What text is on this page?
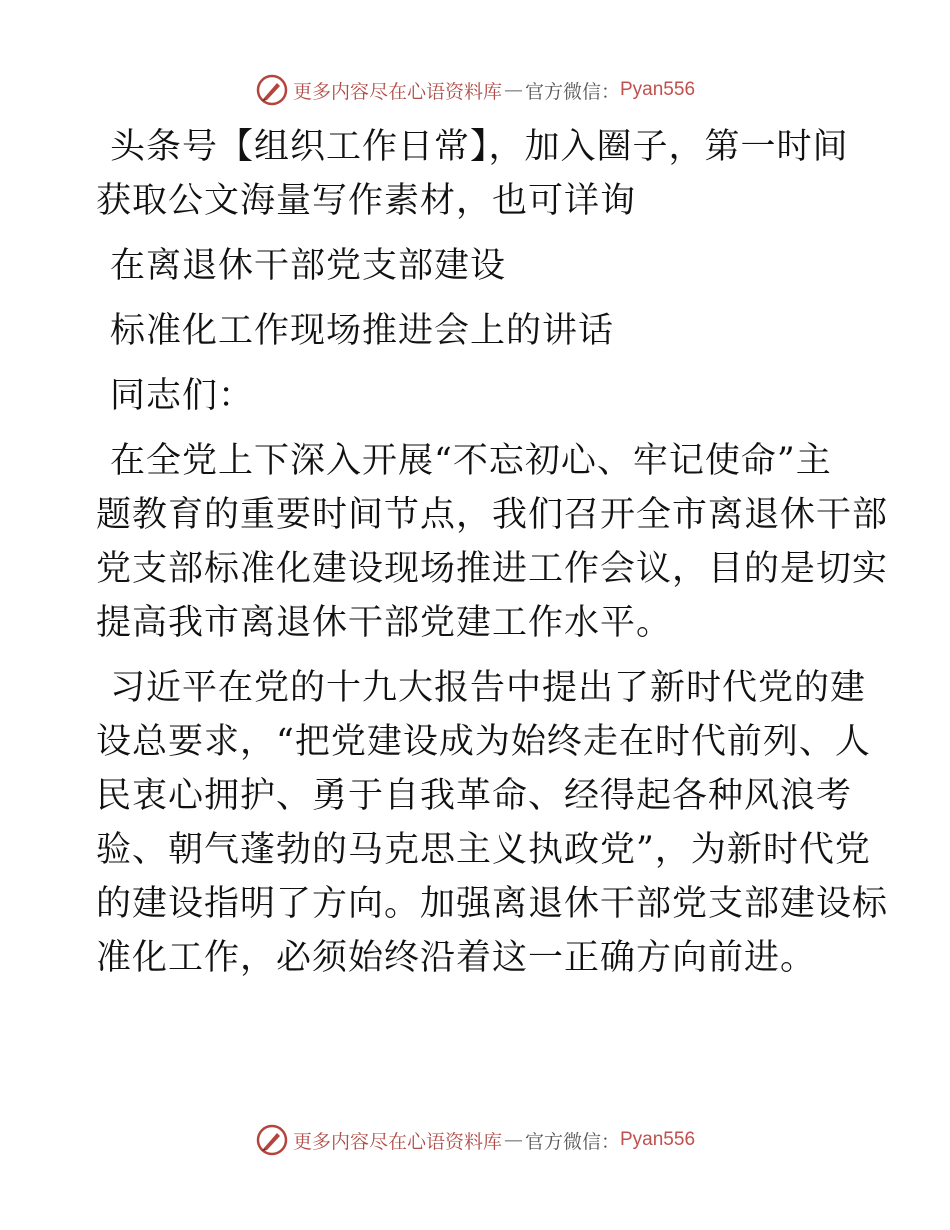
更多内容尽在心语资料库 — 官方微信： Pyan556

头条号【组织工作日常】，加入圈子，第一时间
获取公文海量写作素材，也可详询

在离退休干部党支部建设

标准化工作现场推进会上的讲话

同志们：

在全党上下深入开展“不忘初心、牢记使命”主
题教育的重要时间节点，我们召开全市离退休干部
党支部标准化建设现场推进工作会议，目的是切实
提高我市离退休干部党建工作水平。

习近平在党的十九大报告中提出了新时代党的建
设总要求，“把党建设成为始终走在时代前列、人
民衷心拥护、勇于自我革命、经得起各种风浪考
验、朝气蓬勃的马克思主义执政党”，为新时代党
的建设指明了方向。加强离退休干部党支部建设标
准化工作，必须始终沿着这一正确方向前进。

更多内容尽在心语资料库 — 官方微信： Pyan556
